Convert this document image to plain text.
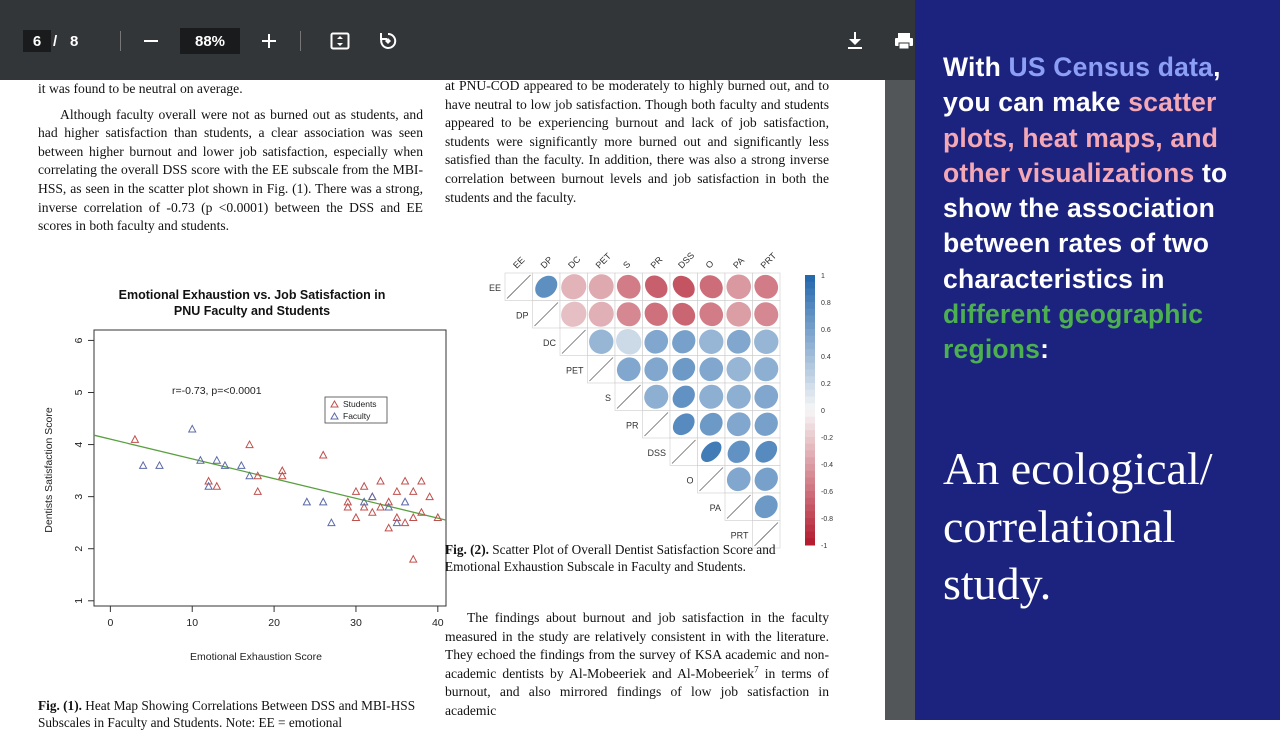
6 / 8	88%

it was found to be neutral on average.

Although faculty overall were not as burned out as students, and had higher satisfaction than students, a clear association was seen between higher burnout and lower job satisfaction, especially when correlating the overall DSS score with the EE subscale from the MBI-HSS, as seen in the scatter plot shown in Fig. (1). There was a strong, inverse correlation of -0.73 (p <0.0001) between the DSS and EE scores in both faculty and students.

at PNU-COD appeared to be moderately to highly burned out, and to have neutral to low job satisfaction. Though both faculty and students appeared to be experiencing burnout and lack of job satisfaction, students were significantly more burned out and significantly less satisfied than the faculty. In addition, there was also a strong inverse correlation between burnout levels and job satisfaction in both the students and the faculty.

Emotional Exhaustion vs. Job Satisfaction in
PNU Faculty and Students
0	10	20	30	40
1
2
3
4
5
6
r=-0.73, p=<0.0001
Students
Faculty
Emotional Exhaustion Score
Dentists Satisfaction Score
EE
EE
DP
DP
DC
DC
PET
PET
S
S
PR
PR
DSS
DSS
O
O
PA
PA
PRT
PRT
1
0.8
0.6
0.4
0.2
0
-0.2
-0.4
-0.6
-0.8
-1
Fig. (2). Scatter Plot of Overall Dentist Satisfaction Score and Emotional Exhaustion Subscale in Faculty and Students.

The findings about burnout and job satisfaction in the faculty measured in the study are relatively consistent in with the literature. They echoed the findings from the survey of KSA academic and non-academic dentists by Al-Mobeeriek and Al-Mobeeriek$^7$ in terms of burnout, and also mirrored findings of low job satisfaction in academic

Fig. (1). Heat Map Showing Correlations Between DSS and MBI-HSS Subscales in Faculty and Students. Note: EE = emotional
With US Census data, you can make scatter plots, heat maps, and other visualizations to show the association between rates of two characteristics in different geographic regions:
An ecological/ correlational study.
